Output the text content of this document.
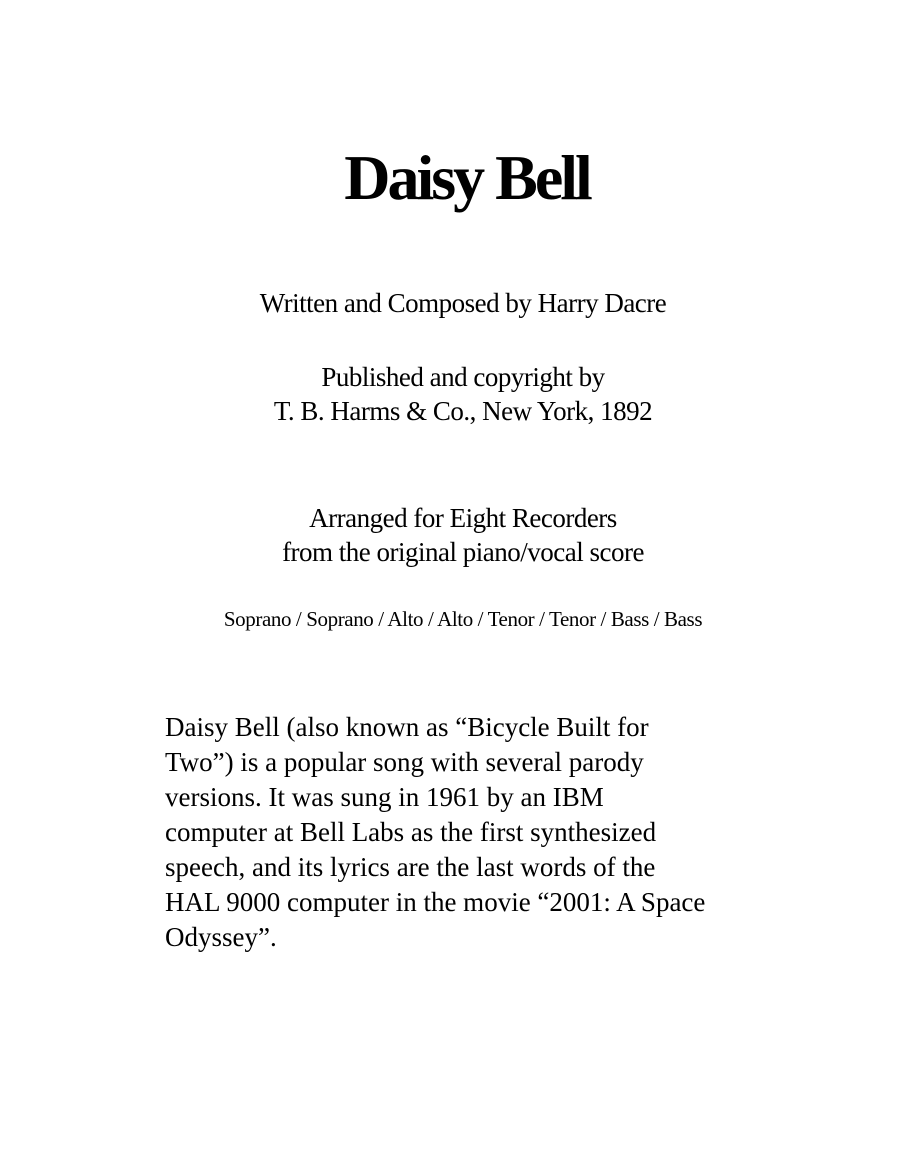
Daisy Bell
Written and Composed by Harry Dacre
Published and copyright by
T. B. Harms & Co., New York, 1892
Arranged for Eight Recorders
from the original piano/vocal score
Soprano / Soprano / Alto / Alto / Tenor / Tenor / Bass / Bass

Daisy Bell (also known as “Bicycle Built for
Two”) is a popular song with several parody
versions. It was sung in 1961 by an IBM
computer at Bell Labs as the first synthesized
speech, and its lyrics are the last words of the
HAL 9000 computer in the movie “2001: A Space
Odyssey”.
